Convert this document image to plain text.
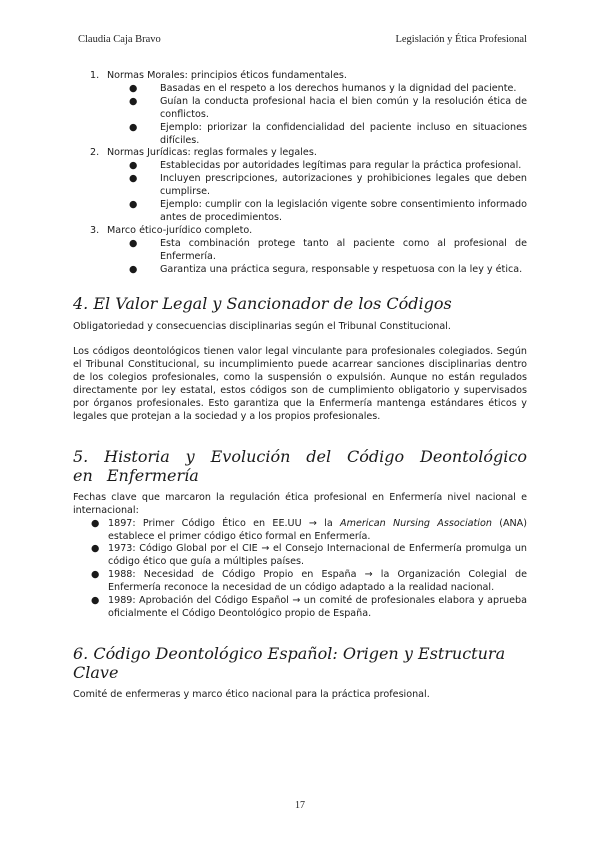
Claudia Caja Bravo	Legislación y Ética Profesional
1. Normas Morales: principios éticos fundamentales.
● Basadas en el respeto a los derechos humanos y la dignidad del paciente.
● Guían la conducta profesional hacia el bien común y la resolución ética de conflictos.
● Ejemplo: priorizar la confidencialidad del paciente incluso en situaciones difíciles.
2. Normas Jurídicas: reglas formales y legales.
● Establecidas por autoridades legítimas para regular la práctica profesional.
● Incluyen prescripciones, autorizaciones y prohibiciones legales que deben cumplirse.
● Ejemplo: cumplir con la legislación vigente sobre consentimiento informado antes de procedimientos.
3. Marco ético-jurídico completo.
● Esta combinación protege tanto al paciente como al profesional de Enfermería.
● Garantiza una práctica segura, responsable y respetuosa con la ley y ética.
4. El Valor Legal y Sancionador de los Códigos

Obligatoriedad y consecuencias disciplinarias según el Tribunal Constitucional.

Los códigos deontológicos tienen valor legal vinculante para profesionales colegiados. Según el Tribunal Constitucional, su incumplimiento puede acarrear sanciones disciplinarias dentro de los colegios profesionales, como la suspensión o expulsión. Aunque no están regulados directamente por ley estatal, estos códigos son de cumplimiento obligatorio y supervisados por órganos profesionales. Esto garantiza que la Enfermería mantenga estándares éticos y legales que protejan a la sociedad y a los propios profesionales.

5. Historia y Evolución del Código Deontológico en Enfermería

Fechas clave que marcaron la regulación ética profesional en Enfermería nivel nacional e internacional:

● 1897: Primer Código Ético en EE.UU → la American Nursing Association (ANA) establece el primer código ético formal en Enfermería.
● 1973: Código Global por el CIE → el Consejo Internacional de Enfermería promulga un código ético que guía a múltiples países.
● 1988: Necesidad de Código Propio en España → la Organización Colegial de Enfermería reconoce la necesidad de un código adaptado a la realidad nacional.
● 1989: Aprobación del Código Español → un comité de profesionales elabora y aprueba oficialmente el Código Deontológico propio de España.
6. Código Deontológico Español: Origen y Estructura Clave

Comité de enfermeras y marco ético nacional para la práctica profesional.

17
